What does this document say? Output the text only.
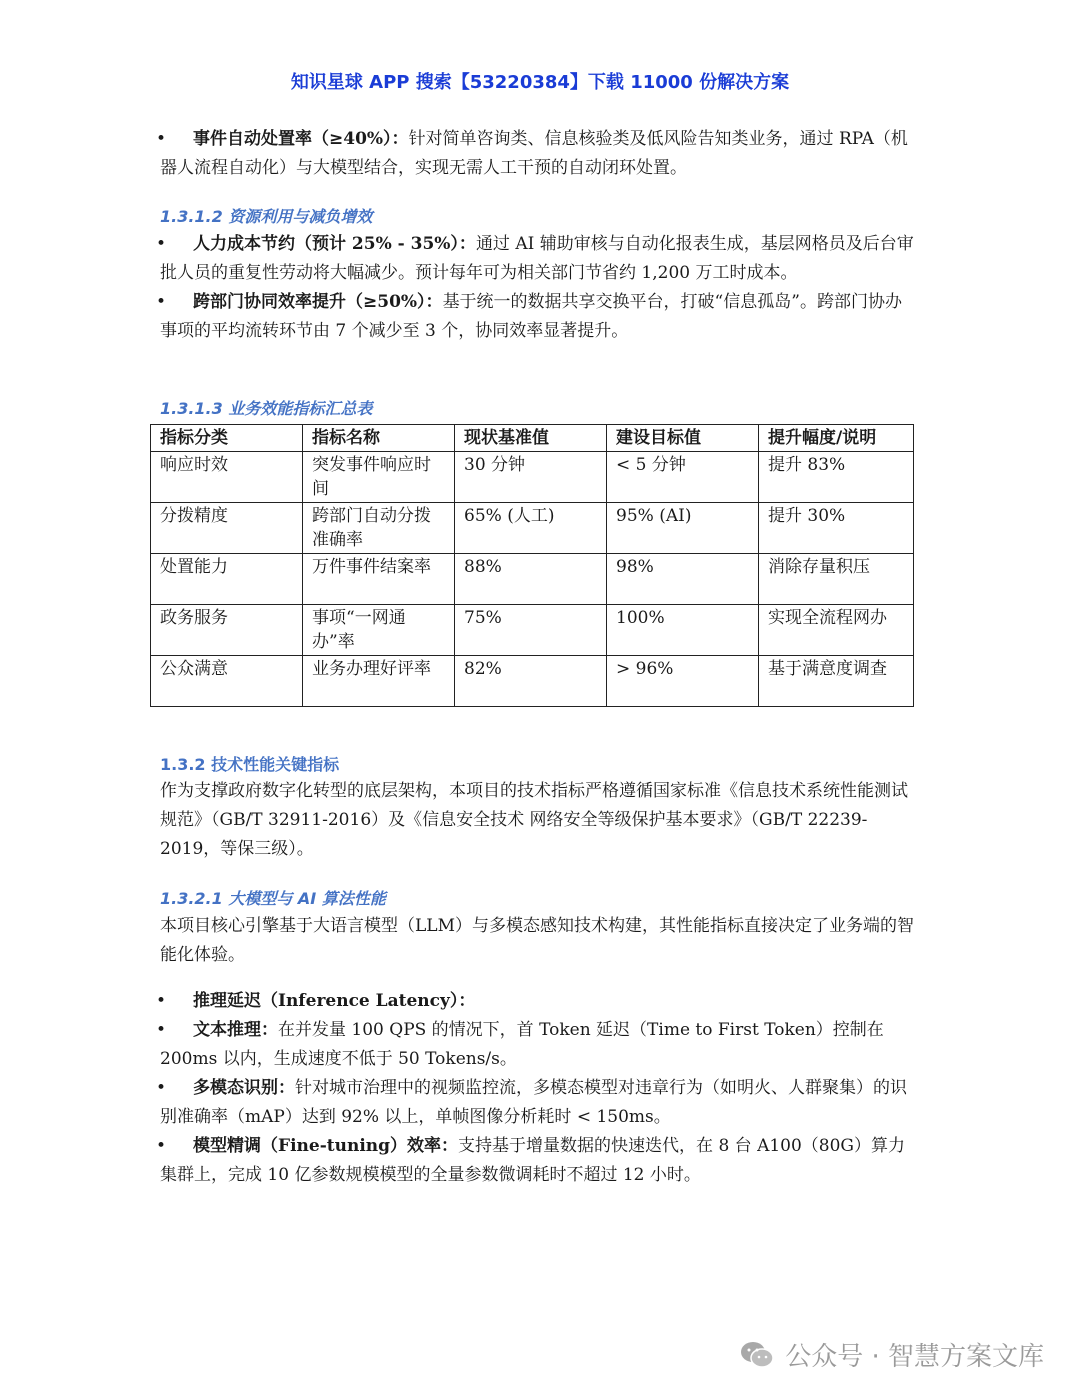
知识星球 APP 搜索【53220384】下载 11000 份解决方案
• 事件自动处置率（≥40%）：针对简单咨询类、信息核验类及低风险告知类业务，通过 RPA（机器人流程自动化）与大模型结合，实现无需人工干预的自动闭环处置。
1.3.1.2 资源利用与减负增效
• 人力成本节约（预计 25% - 35%）：通过 AI 辅助审核与自动化报表生成，基层网格员及后台审批人员的重复性劳动将大幅减少。预计每年可为相关部门节省约 1,200 万工时成本。
• 跨部门协同效率提升（≥50%）：基于统一的数据共享交换平台，打破“信息孤岛”。跨部门协办事项的平均流转环节由 7 个减少至 3 个，协同效率显著提升。
1.3.1.3 业务效能指标汇总表
指标分类	指标名称	现状基准值	建设目标值	提升幅度/说明
响应时效	突发事件响应时间	30 分钟	< 5 分钟	提升 83%
分拨精度	跨部门自动分拨准确率	65% (人工)	95% (AI)	提升 30%
处置能力	万件事件结案率	88%	98%	消除存量积压
政务服务	事项“一网通办”率	75%	100%	实现全流程网办
公众满意	业务办理好评率	82%	> 96%	基于满意度调查
1.3.2 技术性能关键指标
作为支撑政府数字化转型的底层架构，本项目的技术指标严格遵循国家标准《信息技术系统性能测试规范》（GB/T 32911-2016）及《信息安全技术 网络安全等级保护基本要求》（GB/T 22239-2019，等保三级）。
1.3.2.1 大模型与 AI 算法性能
本项目核心引擎基于大语言模型（LLM）与多模态感知技术构建，其性能指标直接决定了业务端的智能化体验。
• 推理延迟（Inference Latency）：
• 文本推理：在并发量 100 QPS 的情况下，首 Token 延迟（Time to First Token）控制在 200ms 以内，生成速度不低于 50 Tokens/s。
• 多模态识别：针对城市治理中的视频监控流，多模态模型对违章行为（如明火、人群聚集）的识别准确率（mAP）达到 92% 以上，单帧图像分析耗时 < 150ms。
• 模型精调（Fine-tuning）效率：支持基于增量数据的快速迭代，在 8 台 A100（80G）算力集群上，完成 10 亿参数规模模型的全量参数微调耗时不超过 12 小时。
公众号 · 智慧方案文库
